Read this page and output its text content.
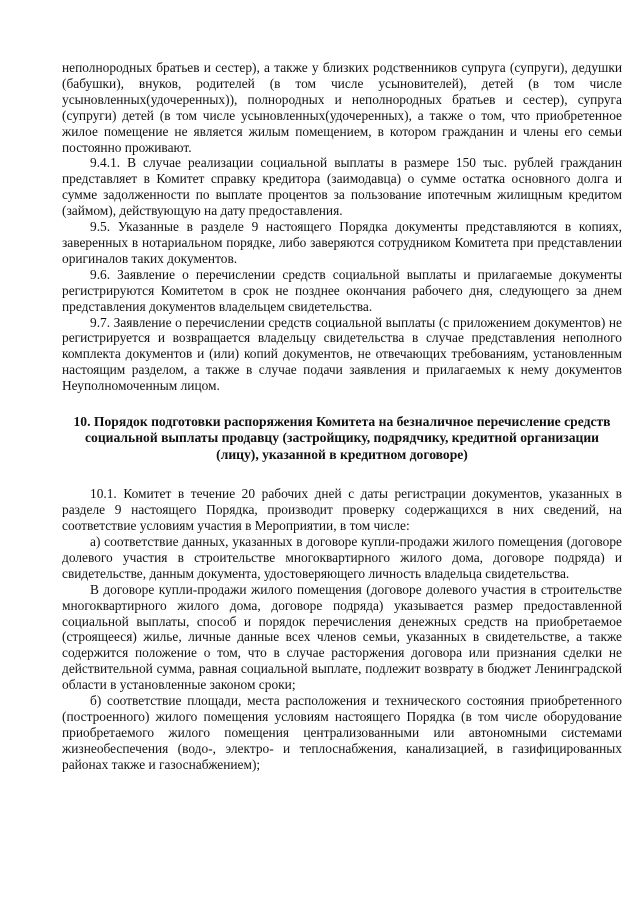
неполнородных братьев и сестер), а также у близких родственников супруга (супруги), дедушки (бабушки), внуков, родителей (в том числе усыновителей), детей (в том числе усыновленных(удочеренных)), полнородных и неполнородных братьев и сестер), супруга (супруги) детей (в том числе усыновленных(удочеренных), а также о том, что приобретенное жилое помещение не является жилым помещением, в котором гражданин и члены его семьи постоянно проживают.

9.4.1. В случае реализации социальной выплаты в размере 150 тыс. рублей гражданин представляет в Комитет справку кредитора (заимодавца) о сумме остатка основного долга и сумме задолженности по выплате процентов за пользование ипотечным жилищным кредитом (займом), действующую на дату предоставления.

9.5. Указанные в разделе 9 настоящего Порядка документы представляются в копиях, заверенных в нотариальном порядке, либо заверяются сотрудником Комитета при представлении оригиналов таких документов.

9.6. Заявление о перечислении средств социальной выплаты и прилагаемые документы регистрируются Комитетом в срок не позднее окончания рабочего дня, следующего за днем представления документов владельцем свидетельства.

9.7. Заявление о перечислении средств социальной выплаты (с приложением документов) не регистрируется и возвращается владельцу свидетельства в случае представления неполного комплекта документов и (или) копий документов, не отвечающих требованиям, установленным настоящим разделом, а также в случае подачи заявления и прилагаемых к нему документов Неуполномоченным лицом.

10. Порядок подготовки распоряжения Комитета на безналичное перечисление средств социальной выплаты продавцу (застройщику, подрядчику, кредитной организации (лицу), указанной в кредитном договоре)

10.1. Комитет в течение 20 рабочих дней с даты регистрации документов, указанных в разделе 9 настоящего Порядка, производит проверку содержащихся в них сведений, на соответствие условиям участия в Мероприятии, в том числе:

а) соответствие данных, указанных в договоре купли-продажи жилого помещения (договоре долевого участия в строительстве многоквартирного жилого дома, договоре подряда) и свидетельстве, данным документа, удостоверяющего личность владельца свидетельства.

В договоре купли-продажи жилого помещения (договоре долевого участия в строительстве многоквартирного жилого дома, договоре подряда) указывается размер предоставленной социальной выплаты, способ и порядок перечисления денежных средств на приобретаемое (строящееся) жилье, личные данные всех членов семьи, указанных в свидетельстве, а также содержится положение о том, что в случае расторжения договора или признания сделки не действительной сумма, равная социальной выплате, подлежит возврату в бюджет Ленинградской области в установленные законом сроки;

б) соответствие площади, места расположения и технического состояния приобретенного (построенного) жилого помещения условиям настоящего Порядка (в том числе оборудование приобретаемого жилого помещения централизованными или автономными системами жизнеобеспечения (водо-, электро- и теплоснабжения, канализацией, в газифицированных районах также и газоснабжением);
